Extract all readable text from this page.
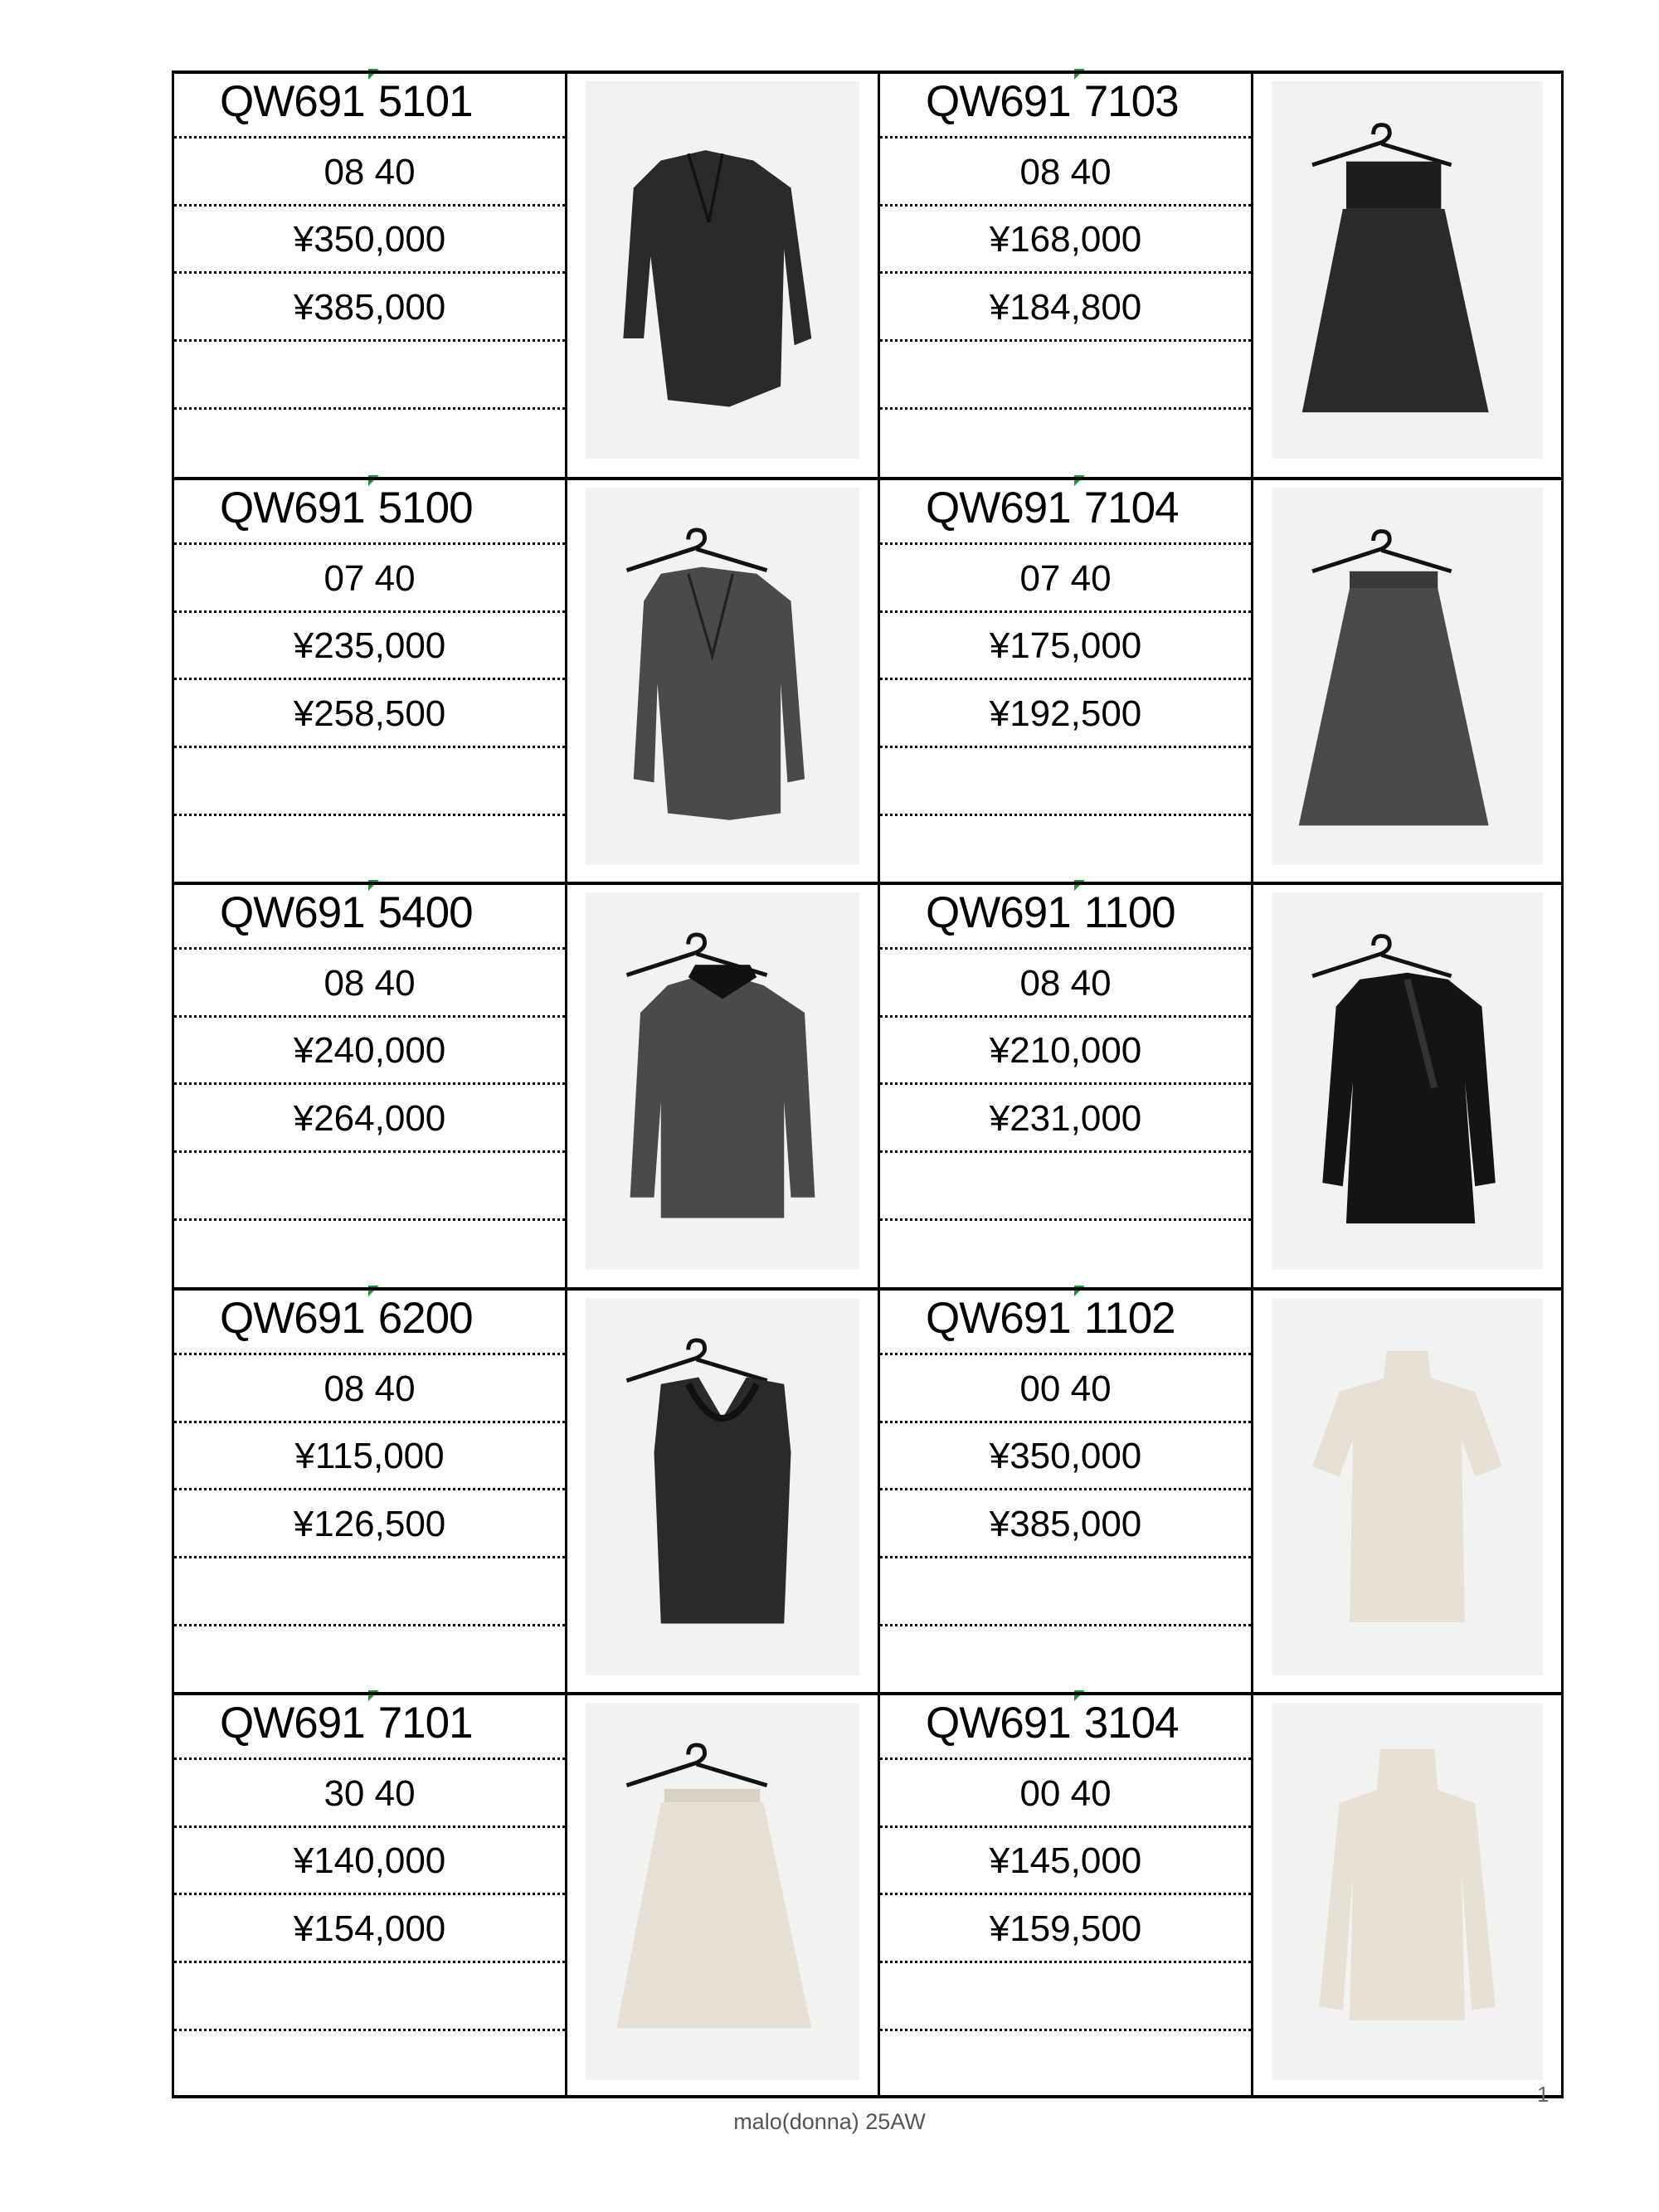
QW691 5101
08 40
¥350,000
¥385,000
QW691 7103
08 40
¥168,000
¥184,800
QW691 5100
07 40
¥235,000
¥258,500
QW691 7104
07 40
¥175,000
¥192,500
QW691 5400
08 40
¥240,000
¥264,000
QW691 1100
08 40
¥210,000
¥231,000
QW691 6200
08 40
¥115,000
¥126,500
QW691 1102
00 40
¥350,000
¥385,000
QW691 7101
30 40
¥140,000
¥154,000
QW691 3104
00 40
¥145,000
¥159,500
1
malo(donna) 25AW
